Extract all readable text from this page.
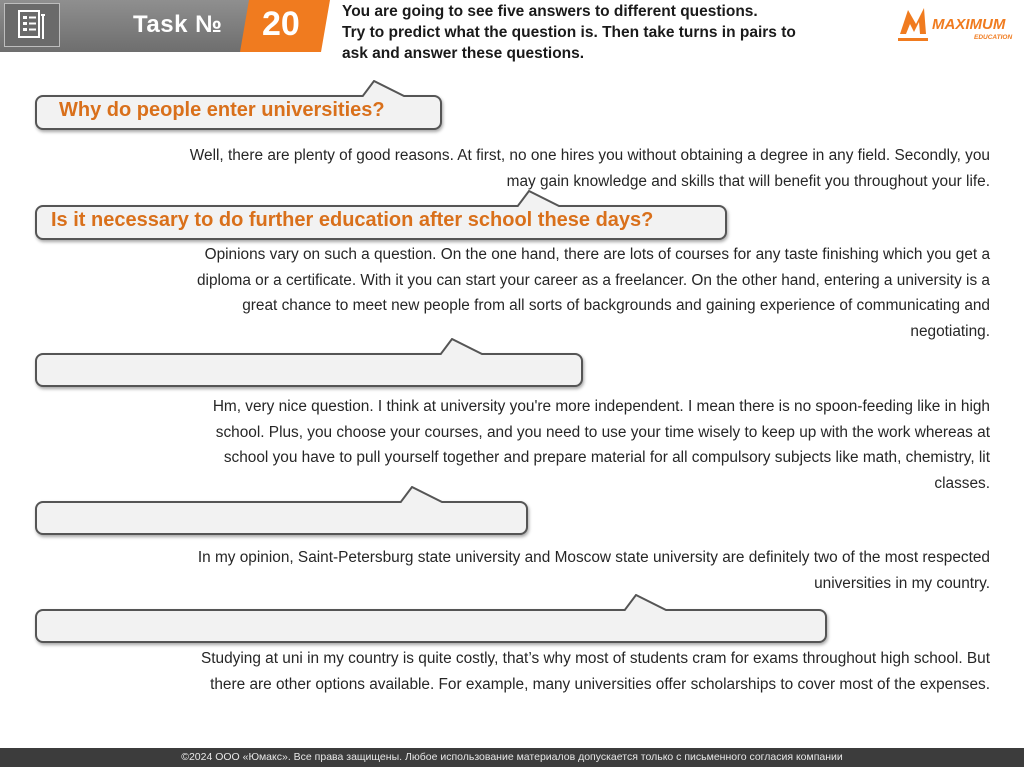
Task № 20	You are going to see five answers to different questions.
Try to predict what the question is. Then take turns in pairs to
ask and answer these questions.
MAXIMUM
EDUCATION
Why do people enter universities?
Well, there are plenty of good reasons. At first, no one hires you without obtaining a degree in any field. Secondly, you
may gain knowledge and skills that will benefit you throughout your life.
Is it necessary to do further education after school these days?
Opinions vary on such a question. On the one hand, there are lots of courses for any taste finishing which you get a
diploma or a certificate. With it you can start your career as a freelancer. On the other hand, entering a university is a
great chance to meet new people from all sorts of backgrounds and gaining experience of communicating and
negotiating.
Hm, very nice question. I think at university you're more independent. I mean there is no spoon-feeding like in high
school. Plus, you choose your courses, and you need to use your time wisely to keep up with the work whereas at
school you have to pull yourself together and prepare material for all compulsory subjects like math, chemistry, lit
classes.
In my opinion, Saint-Petersburg state university and Moscow state university are definitely two of the most respected
universities in my country.
Studying at uni in my country is quite costly, that’s why most of students cram for exams throughout high school. But
there are other options available. For example, many universities offer scholarships to cover most of the expenses.
©2024 ООО «Юмакс». Все права защищены. Любое использование материалов допускается только с письменного согласия компании
